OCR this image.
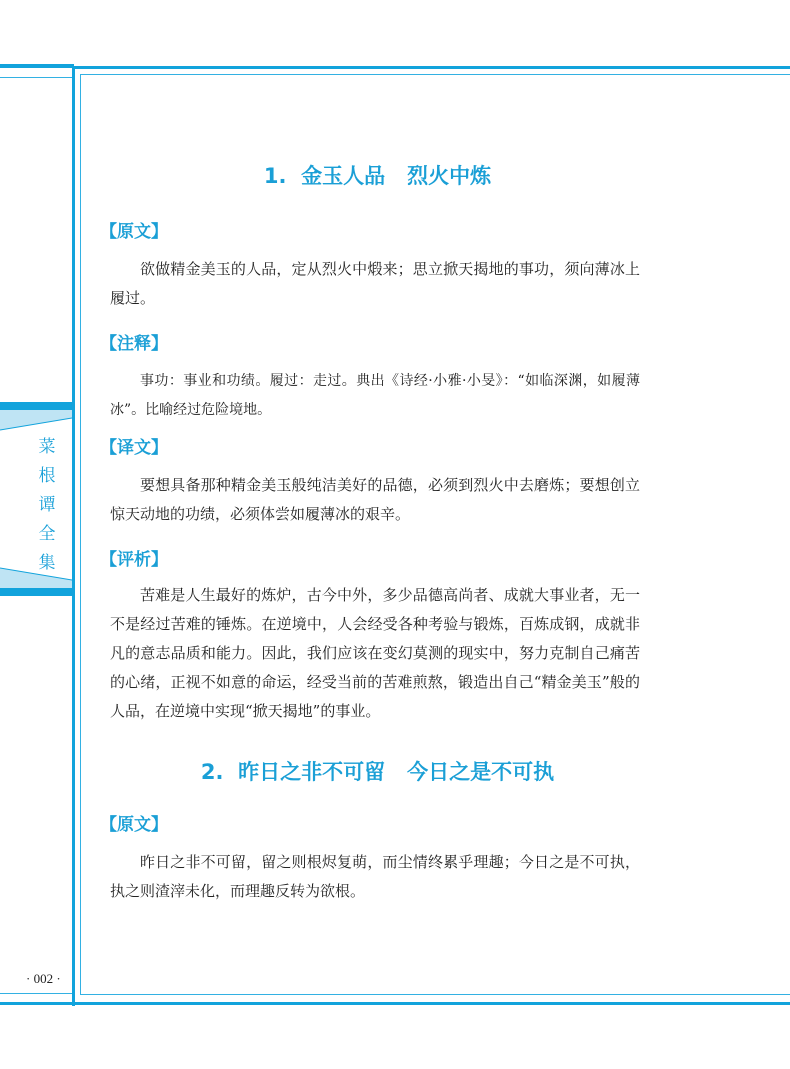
菜
根
谭
全
集
· 002 ·
1.  金玉人品   烈火中炼
【原文】
欲做精金美玉的人品，定从烈火中煅来；思立掀天揭地的事功，须向薄冰上履过。
【注释】
事功：事业和功绩。履过：走过。典出《诗经·小雅·小旻》：“如临深渊，如履薄冰”。比喻经过危险境地。
【译文】
要想具备那种精金美玉般纯洁美好的品德，必须到烈火中去磨炼；要想创立惊天动地的功绩，必须体尝如履薄冰的艰辛。
【评析】
苦难是人生最好的炼炉，古今中外，多少品德高尚者、成就大事业者，无一不是经过苦难的锤炼。在逆境中，人会经受各种考验与锻炼，百炼成钢，成就非凡的意志品质和能力。因此，我们应该在变幻莫测的现实中，努力克制自己痛苦的心绪，正视不如意的命运，经受当前的苦难煎熬，锻造出自己“精金美玉”般的人品，在逆境中实现“掀天揭地”的事业。
2.  昨日之非不可留   今日之是不可执
【原文】
昨日之非不可留，留之则根烬复萌，而尘情终累乎理趣；今日之是不可执，执之则渣滓未化，而理趣反转为欲根。
